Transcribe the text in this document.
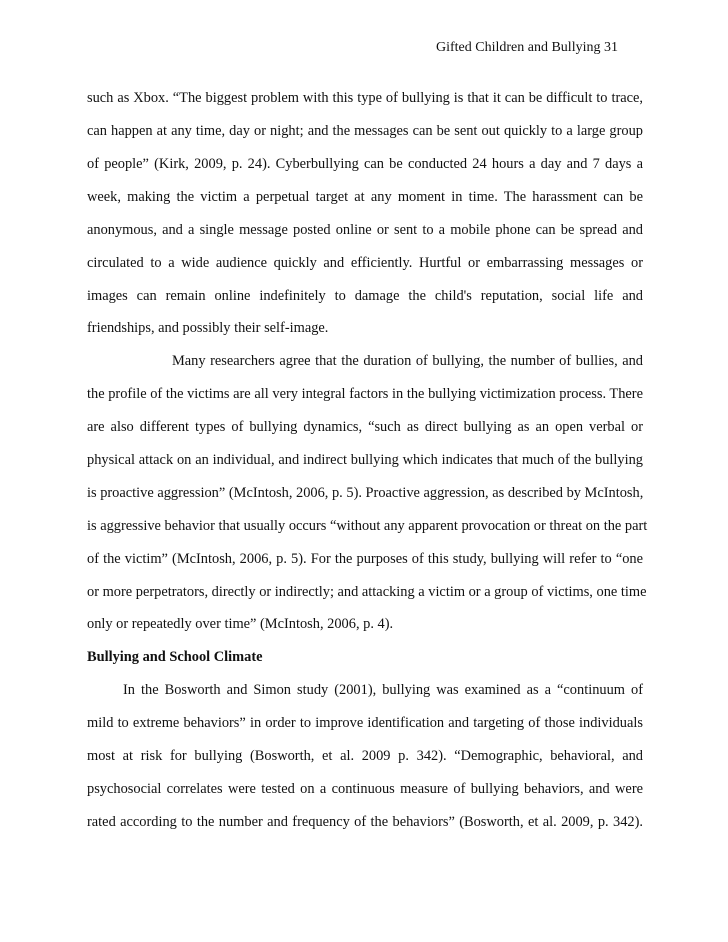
Gifted Children and Bullying 31
such as Xbox. “The biggest problem with this type of bullying is that it can be difficult to trace,
can happen at any time, day or night; and the messages can be sent out quickly to a large group
of people” (Kirk, 2009, p. 24). Cyberbullying can be conducted 24 hours a day and 7 days a
week, making the victim a perpetual target at any moment in time. The harassment can be
anonymous, and a single message posted online or sent to a mobile phone can be spread and
circulated to a wide audience quickly and efficiently. Hurtful or embarrassing messages or
images can remain online indefinitely to damage the child's reputation, social life and
friendships, and possibly their self-image.
Many researchers agree that the duration of bullying, the number of bullies, and
the profile of the victims are all very integral factors in the bullying victimization process. There
are also different types of bullying dynamics, “such as direct bullying as an open verbal or
physical attack on an individual, and indirect bullying which indicates that much of the bullying
is proactive aggression” (McIntosh, 2006, p. 5). Proactive aggression, as described by McIntosh,
is aggressive behavior that usually occurs “without any apparent provocation or threat on the part
of the victim” (McIntosh, 2006, p. 5). For the purposes of this study, bullying will refer to “one
or more perpetrators, directly or indirectly; and attacking a victim or a group of victims, one time
only or repeatedly over time” (McIntosh, 2006, p. 4).
Bullying and School Climate
In the Bosworth and Simon study (2001), bullying was examined as a “continuum of
mild to extreme behaviors” in order to improve identification and targeting of those individuals
most at risk for bullying (Bosworth, et al. 2009 p. 342). “Demographic, behavioral, and
psychosocial correlates were tested on a continuous measure of bullying behaviors, and were
rated according to the number and frequency of the behaviors” (Bosworth, et al. 2009, p. 342).
